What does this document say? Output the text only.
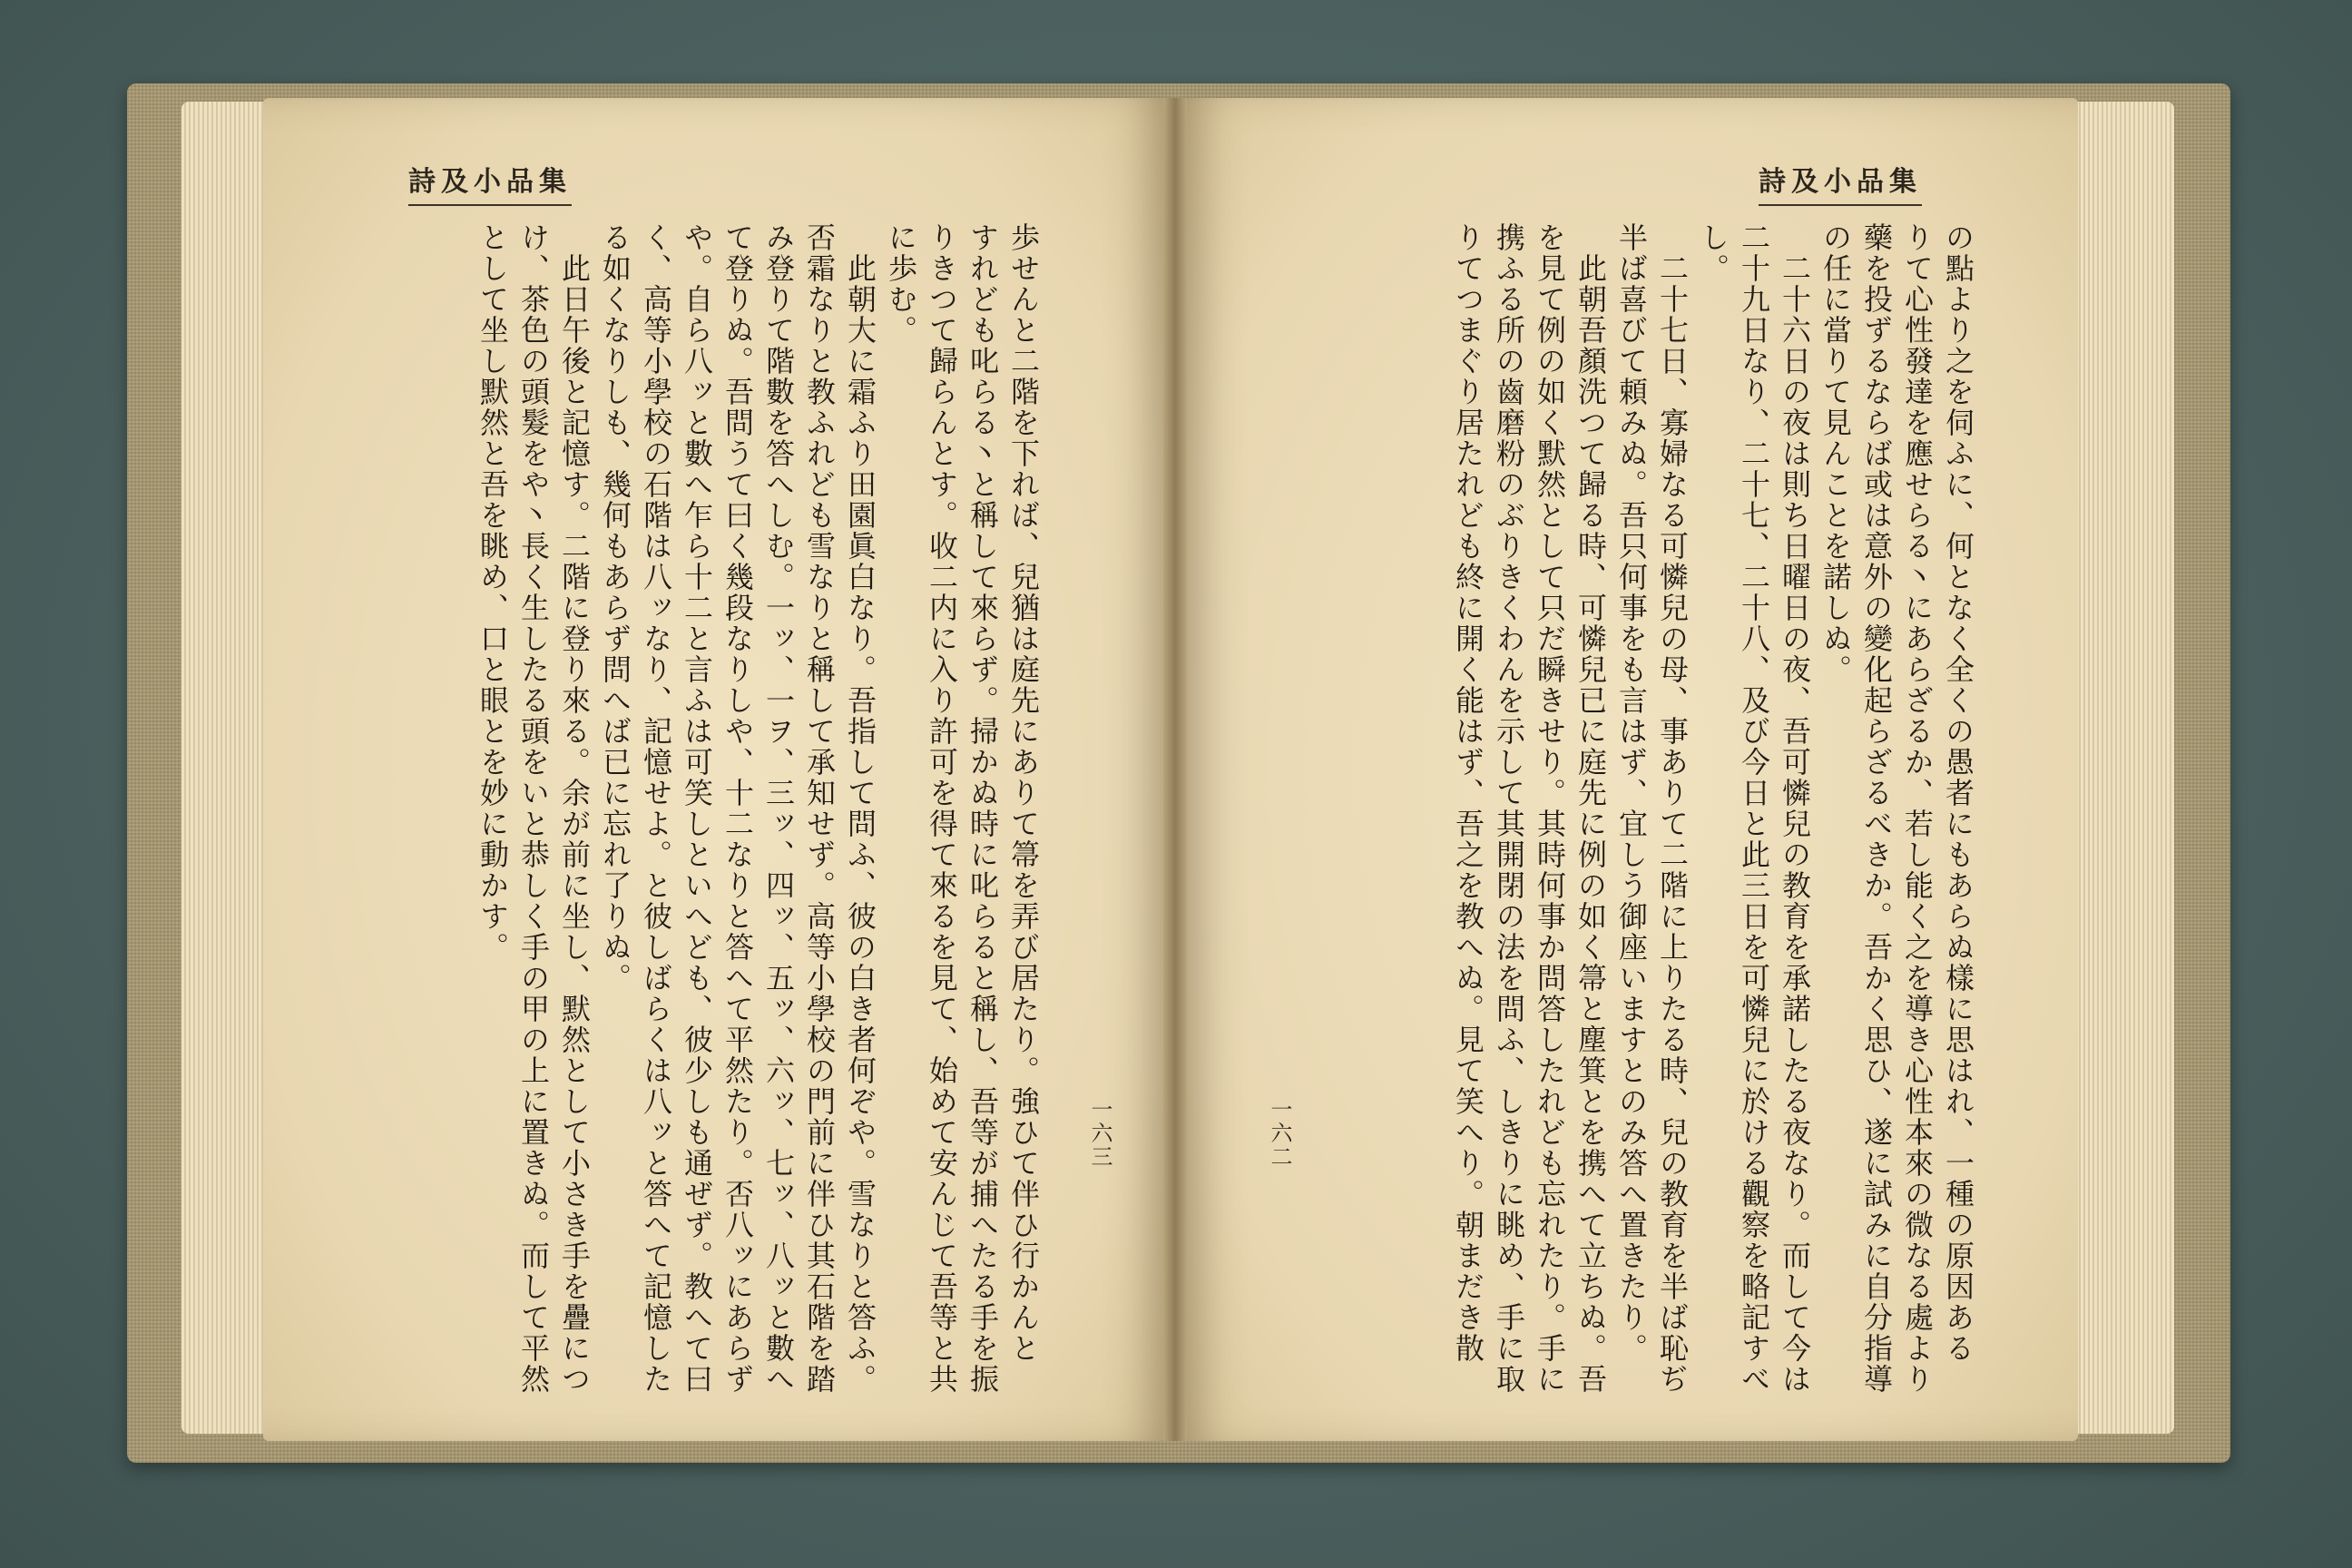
詩及小品集	詩及小品集
歩せんと二階を下れば、兒猶は庭先にありて箒を弄び居たり。強ひて伴ひ行かんと
すれども叱らる丶と稱して來らず。掃かぬ時に叱らると稱し、吾等が捕へたる手を振
りきつて歸らんとす。收二内に入り許可を得て來るを見て、始めて安んじて吾等と共
に歩む。
　此朝大に霜ふり田園眞白なり。吾指して問ふ、彼の白き者何ぞや。雪なりと答ふ。
否霜なりと教ふれども雪なりと稱して承知せず。高等小學校の門前に伴ひ其石階を踏
み登りて階數を答へしむ。一ッ、一ヲ、三ッ、四ッ、五ッ、六ッ、七ッ、八ッと數へ
て登りぬ。吾問うて曰く幾段なりしや、十二なりと答へて平然たり。否八ッにあらず
や。自ら八ッと數へ乍ら十二と言ふは可笑しといへども、彼少しも通ぜず。教へて曰
く、高等小學校の石階は八ッなり、記憶せよ。と彼しばらくは八ッと答へて記憶した
る如くなりしも、幾何もあらず問へば已に忘れ了りぬ。
　此日午後と記憶す。二階に登り來る。余が前に坐し、默然として小さき手を疊につ
け、茶色の頭髮をや丶長く生したる頭をいと恭しく手の甲の上に置きぬ。而して平然
として坐し默然と吾を眺め、口と眼とを妙に動かす。	の點より之を伺ふに、何となく全くの愚者にもあらぬ樣に思はれ、一種の原因ある
りて心性發達を應せらる丶にあらざるか、若し能く之を導き心性本來の微なる處より
藥を投ずるならば或は意外の變化起らざるべきか。吾かく思ひ、遂に試みに自分指導
の任に當りて見んことを諾しぬ。
　二十六日の夜は則ち日曜日の夜、吾可憐兒の教育を承諾したる夜なり。而して今は
二十九日なり、二十七、二十八、及び今日と此三日を可憐兒に於ける觀察を略記すべ
し。
　二十七日、寡婦なる可憐兒の母、事ありて二階に上りたる時、兒の教育を半ば恥ぢ
半ば喜びて頼みぬ。吾只何事をも言はず、宜しう御座いますとのみ答へ置きたり。
　此朝吾顏洗つて歸る時、可憐兒已に庭先に例の如く箒と塵箕とを携へて立ちぬ。吾
を見て例の如く默然として只だ瞬きせり。其時何事か問答したれども忘れたり。手に
携ふる所の齒磨粉のぶりきくわんを示して其開閉の法を問ふ、しきりに眺め、手に取
りてつまぐり居たれども終に開く能はず、吾之を教へぬ。見て笑へり。朝まだき散
一六三	一六二
